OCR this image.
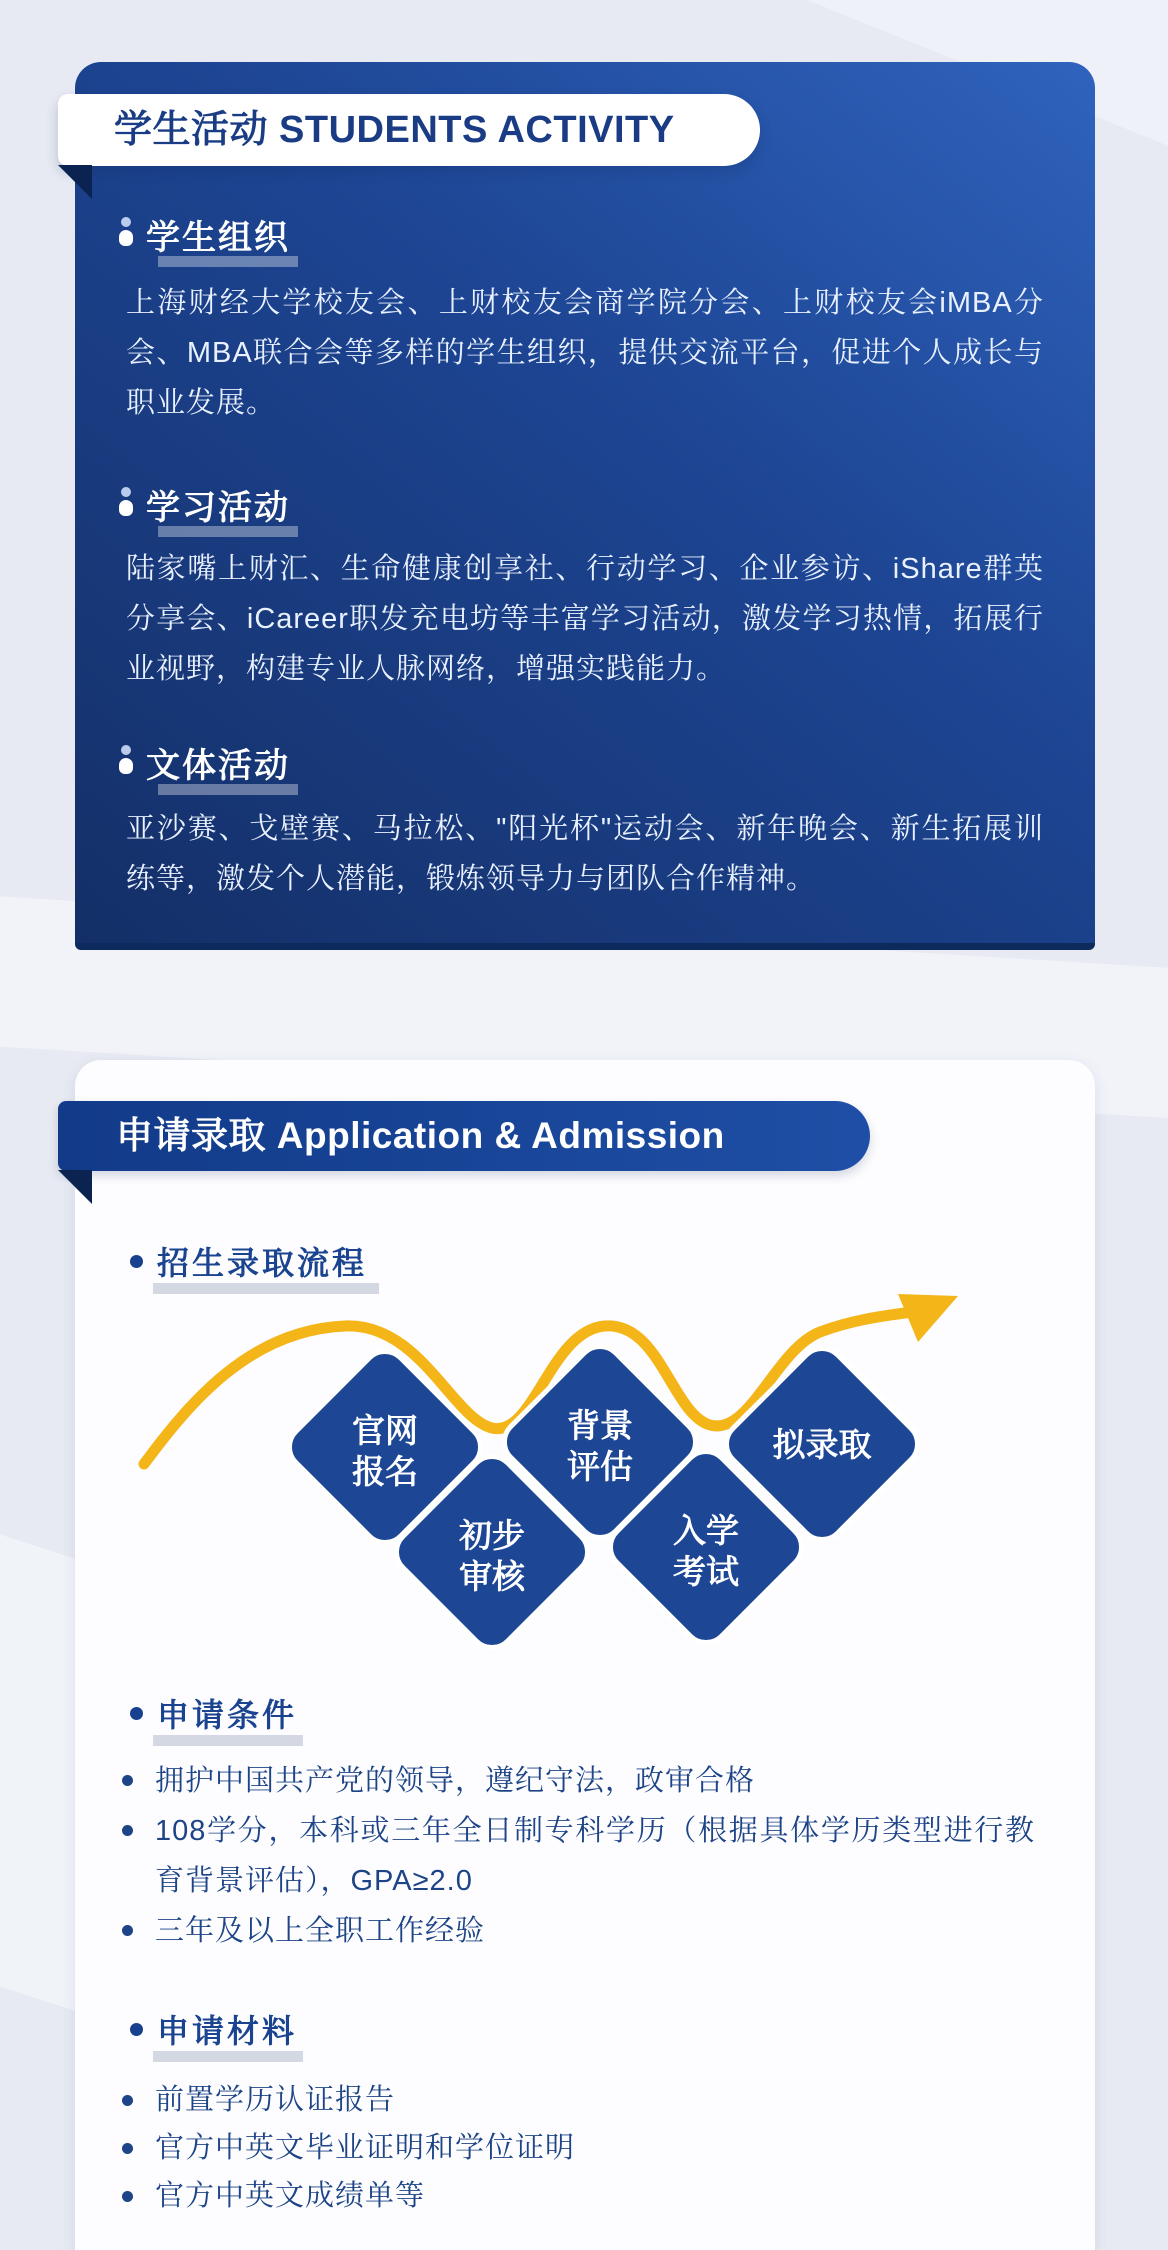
学生活动 STUDENTS ACTIVITY
学生组织
上海财经大学校友会、上财校友会商学院分会、上财校友会iMBA分会、MBA联合会等多样的学生组织，提供交流平台，促进个人成长与职业发展。
学习活动
陆家嘴上财汇、生命健康创享社、行动学习、企业参访、iShare群英分享会、iCareer职发充电坊等丰富学习活动，激发学习热情，拓展行业视野，构建专业人脉网络，增强实践能力。
文体活动
亚沙赛、戈壁赛、马拉松、"阳光杯"运动会、新年晚会、新生拓展训练等，激发个人潜能，锻炼领导力与团队合作精神。
申请录取 Application & Admission
招生录取流程
官网
报名
初步
审核
背景
评估
入学
考试
拟录取
申请条件
拥护中国共产党的领导，遵纪守法，政审合格
108学分，本科或三年全日制专科学历（根据具体学历类型进行教育背景评估），GPA≥2.0
三年及以上全职工作经验
申请材料
前置学历认证报告
官方中英文毕业证明和学位证明
官方中英文成绩单等
